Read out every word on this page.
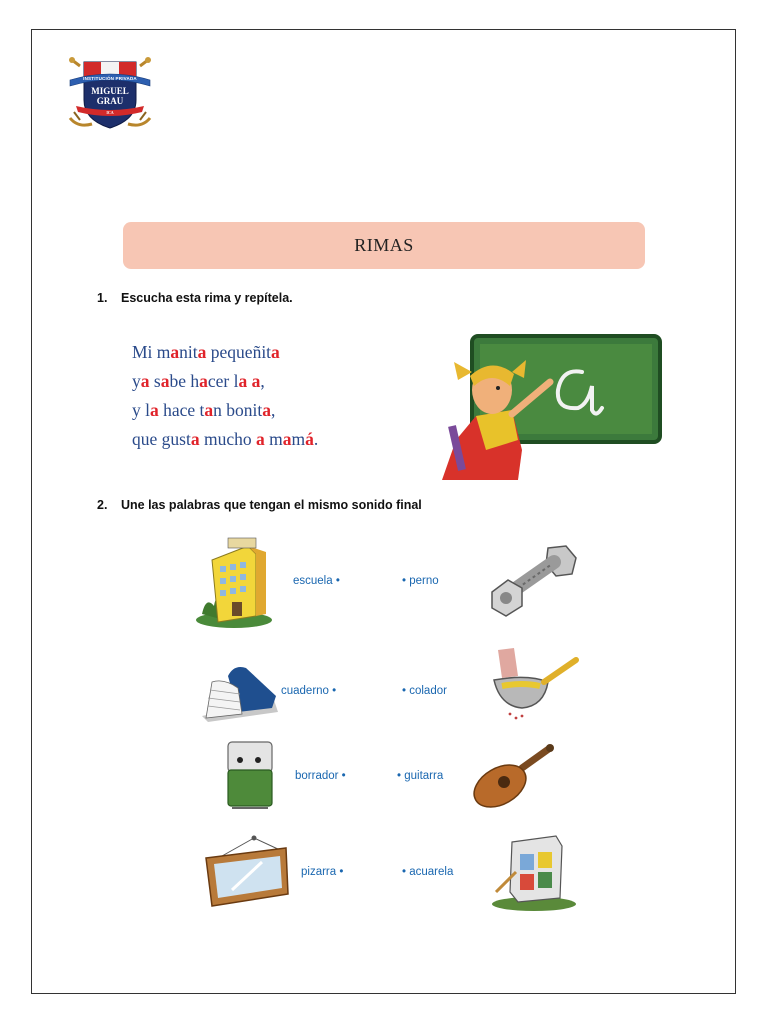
INSTITUCIÓN PRIVADA
MIGUEL
GRAU
ICA
RIMAS
1. Escucha esta rima y repítela.
Mi manita pequeñita
ya sabe hacer la a,
y la hace tan bonita,
que gusta mucho a mamá.
2. Une las palabras que tengan el mismo sonido final
escuela •	• perno
cuaderno •	• colador
borrador •	• guitarra
pizarra •	• acuarela
